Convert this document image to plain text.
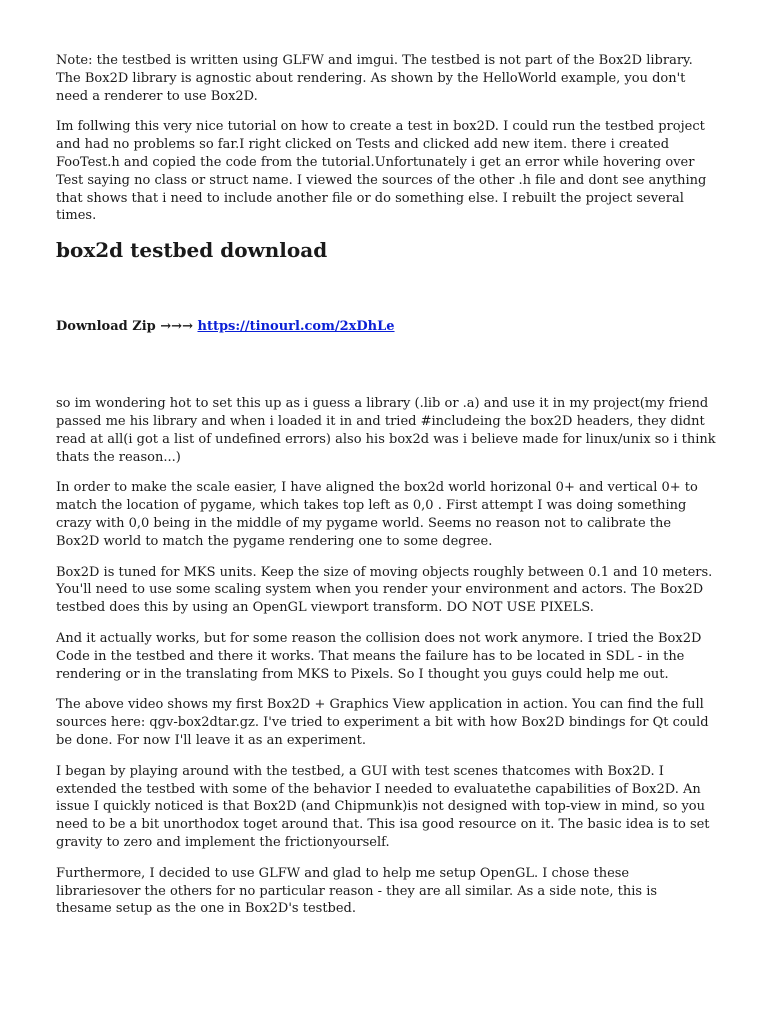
Note: the testbed is written using GLFW and imgui. The testbed is not part of the Box2D library. The Box2D library is agnostic about rendering. As shown by the HelloWorld example, you don't need a renderer to use Box2D.

Im follwing this very nice tutorial on how to create a test in box2D. I could run the testbed project and had no problems so far.I right clicked on Tests and clicked add new item. there i created FooTest.h and copied the code from the tutorial.Unfortunately i get an error while hovering over Test saying no class or struct name. I viewed the sources of the other .h file and dont see anything that shows that i need to include another file or do something else. I rebuilt the project several times.

box2d testbed download
Download Zip →→→ https://tinourl.com/2xDhLe

so im wondering hot to set this up as i guess a library (.lib or .a) and use it in my project(my friend passed me his library and when i loaded it in and tried #includeing the box2D headers, they didnt read at all(i got a list of undefined errors) also his box2d was i believe made for linux/unix so i think thats the reason...)

In order to make the scale easier, I have aligned the box2d world horizonal 0+ and vertical 0+ to match the location of pygame, which takes top left as 0,0 . First attempt I was doing something crazy with 0,0 being in the middle of my pygame world. Seems no reason not to calibrate the Box2D world to match the pygame rendering one to some degree.

Box2D is tuned for MKS units. Keep the size of moving objects roughly between 0.1 and 10 meters. You'll need to use some scaling system when you render your environment and actors. The Box2D testbed does this by using an OpenGL viewport transform. DO NOT USE PIXELS.

And it actually works, but for some reason the collision does not work anymore. I tried the Box2D Code in the testbed and there it works. That means the failure has to be located in SDL - in the rendering or in the translating from MKS to Pixels. So I thought you guys could help me out.

The above video shows my first Box2D + Graphics View application in action. You can find the full sources here: qgv-box2dtar.gz. I've tried to experiment a bit with how Box2D bindings for Qt could be done. For now I'll leave it as an experiment.

I began by playing around with the testbed, a GUI with test scenes thatcomes with Box2D. I extended the testbed with some of the behavior I needed to evaluatethe capabilities of Box2D. An issue I quickly noticed is that Box2D (and Chipmunk)is not designed with top-view in mind, so you need to be a bit unorthodox toget around that. This isa good resource on it. The basic idea is to set gravity to zero and implement the frictionyourself.

Furthermore, I decided to use GLFW and glad to help me setup OpenGL. I chose these librariesover the others for no particular reason - they are all similar. As a side note, this is thesame setup as the one in Box2D's testbed.
